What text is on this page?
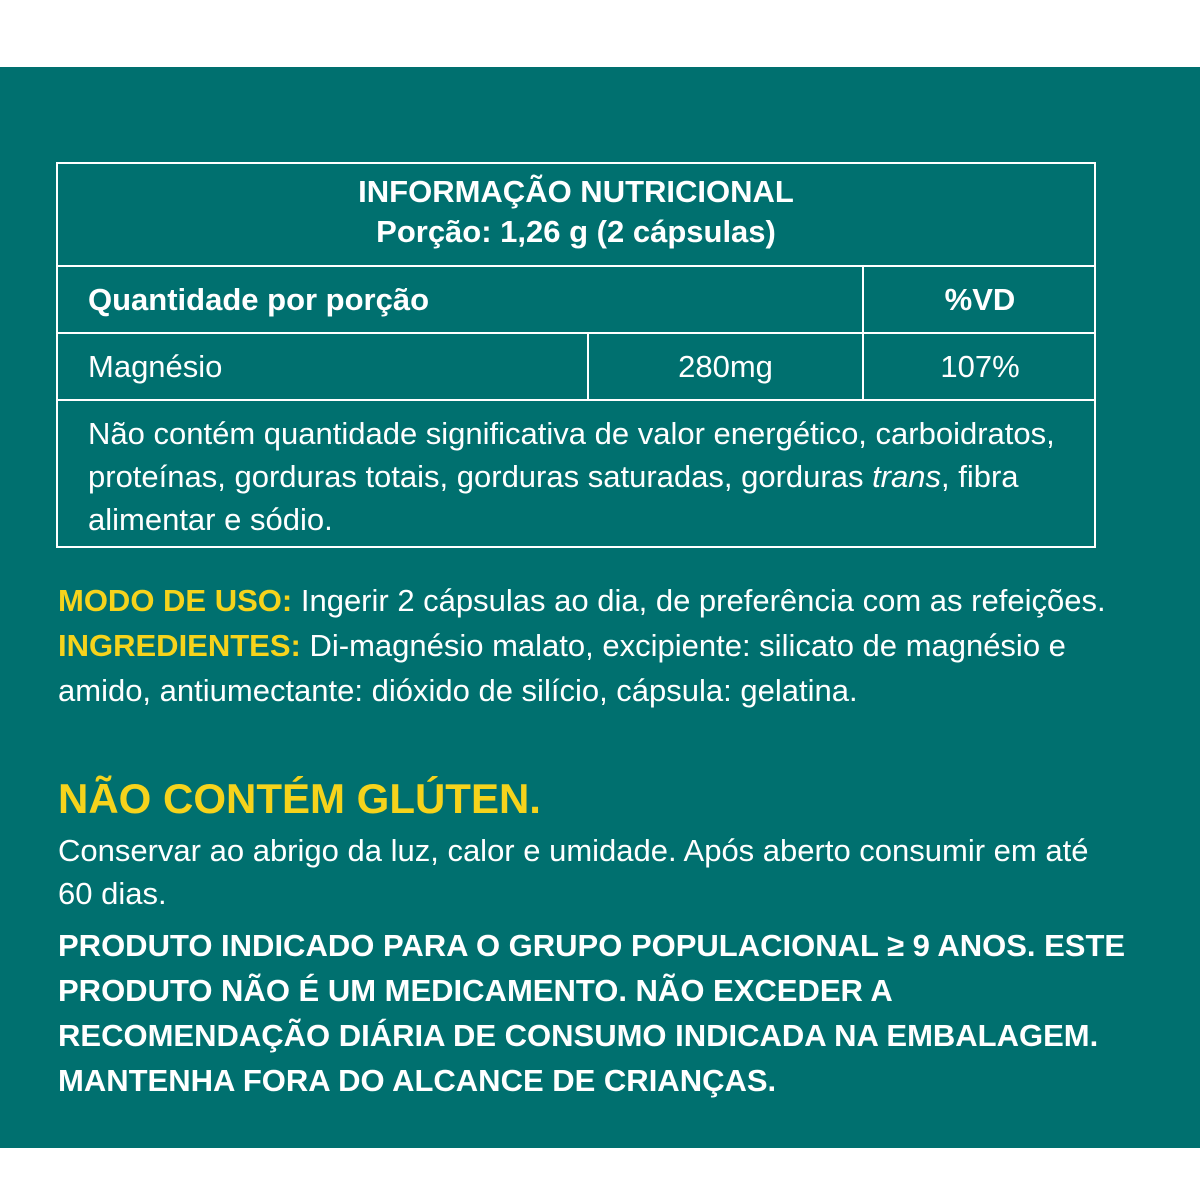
INFORMAÇÃO NUTRICIONAL
Porção: 1,26 g (2 cápsulas)
Quantidade por porção	%VD
Magnésio	280mg	107%
Não contém quantidade significativa de valor energético, carboidratos, proteínas, gorduras totais, gorduras saturadas, gorduras trans, fibra alimentar e sódio.
MODO DE USO: Ingerir 2 cápsulas ao dia, de preferência com as refeições. INGREDIENTES: Di-magnésio malato, excipiente: silicato de magnésio e amido, antiumectante: dióxido de silício, cápsula: gelatina.
NÃO CONTÉM GLÚTEN.
Conservar ao abrigo da luz, calor e umidade. Após aberto consumir em até 60 dias.
PRODUTO INDICADO PARA O GRUPO POPULACIONAL ≥ 9 ANOS. ESTE PRODUTO NÃO É UM MEDICAMENTO. NÃO EXCEDER A RECOMENDAÇÃO DIÁRIA DE CONSUMO INDICADA NA EMBALAGEM. MANTENHA FORA DO ALCANCE DE CRIANÇAS.
